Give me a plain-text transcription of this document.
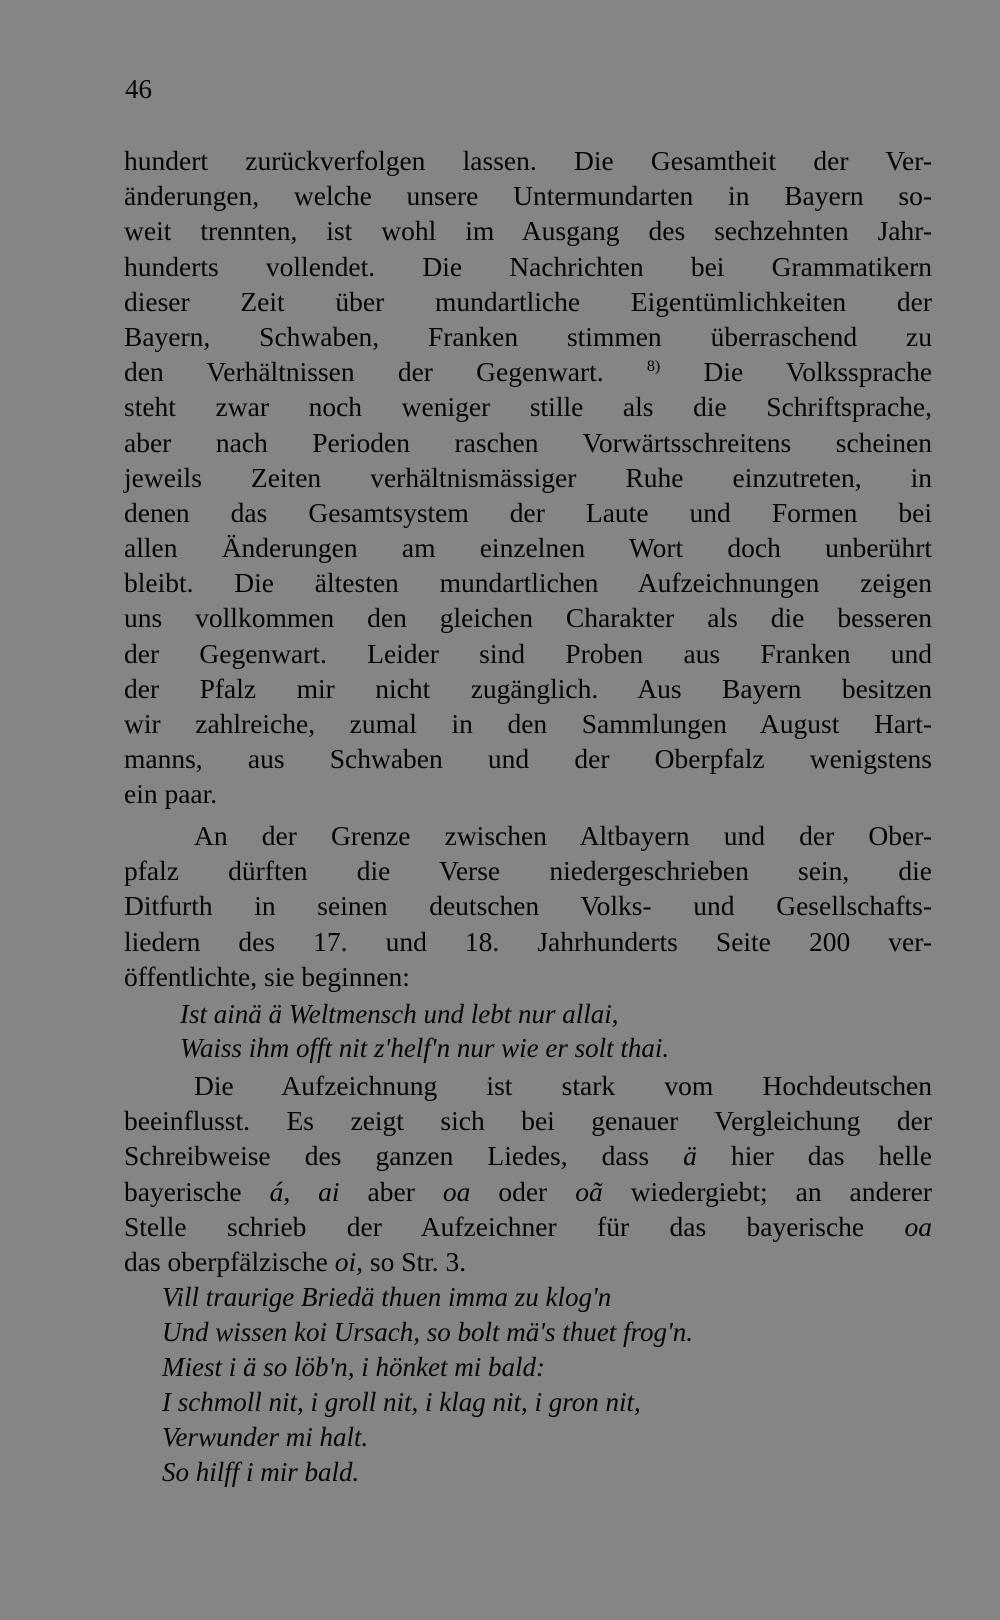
46
hundert zurückverfolgen lassen. Die Gesamtheit der Ver-
änderungen, welche unsere Untermundarten in Bayern so-
weit trennten, ist wohl im Ausgang des sechzehnten Jahr-
hunderts vollendet. Die Nachrichten bei Grammatikern
dieser Zeit über mundartliche Eigentümlichkeiten der
Bayern, Schwaben, Franken stimmen überraschend zu
den Verhältnissen der Gegenwart.	$^{8)}$ Die Volkssprache
steht zwar noch weniger stille als die Schriftsprache,
aber nach Perioden raschen Vorwärtsschreitens scheinen
jeweils Zeiten verhältnismässiger Ruhe einzutreten, in
denen das Gesamtsystem der Laute und Formen bei
allen Änderungen am einzelnen Wort doch unberührt
bleibt. Die ältesten mundartlichen Aufzeichnungen zeigen
uns vollkommen den gleichen Charakter als die besseren
der Gegenwart. Leider sind Proben aus Franken und
der Pfalz mir nicht zugänglich. Aus Bayern besitzen
wir zahlreiche, zumal in den Sammlungen August Hart-
manns, aus Schwaben und der Oberpfalz wenigstens
ein paar.
An der Grenze zwischen Altbayern und der Ober-
pfalz dürften die Verse niedergeschrieben sein, die
Ditfurth in seinen deutschen Volks- und Gesellschafts-
liedern des 17. und 18. Jahrhunderts Seite 200 ver-
öffentlichte, sie beginnen:
Ist ainä ä Weltmensch und lebt nur allai,
Waiss ihm offt nit z'helf'n nur wie er solt thai.
Die Aufzeichnung ist stark vom Hochdeutschen
beeinflusst. Es zeigt sich bei genauer Vergleichung der
Schreibweise des ganzen Liedes, dass ä hier das helle
bayerische á, ai aber oa oder oã wiedergiebt; an anderer
Stelle schrieb der Aufzeichner für das bayerische oa
das oberpfälzische oi, so Str. 3.
Vill traurige Briedä thuen imma zu klog'n
Und wissen koi Ursach, so bolt mä's thuet frog'n.
Miest i ä so löb'n, i hönket mi bald:
I schmoll nit, i groll nit, i klag nit, i gron nit,
Verwunder mi halt.
So hilff i mir bald.
